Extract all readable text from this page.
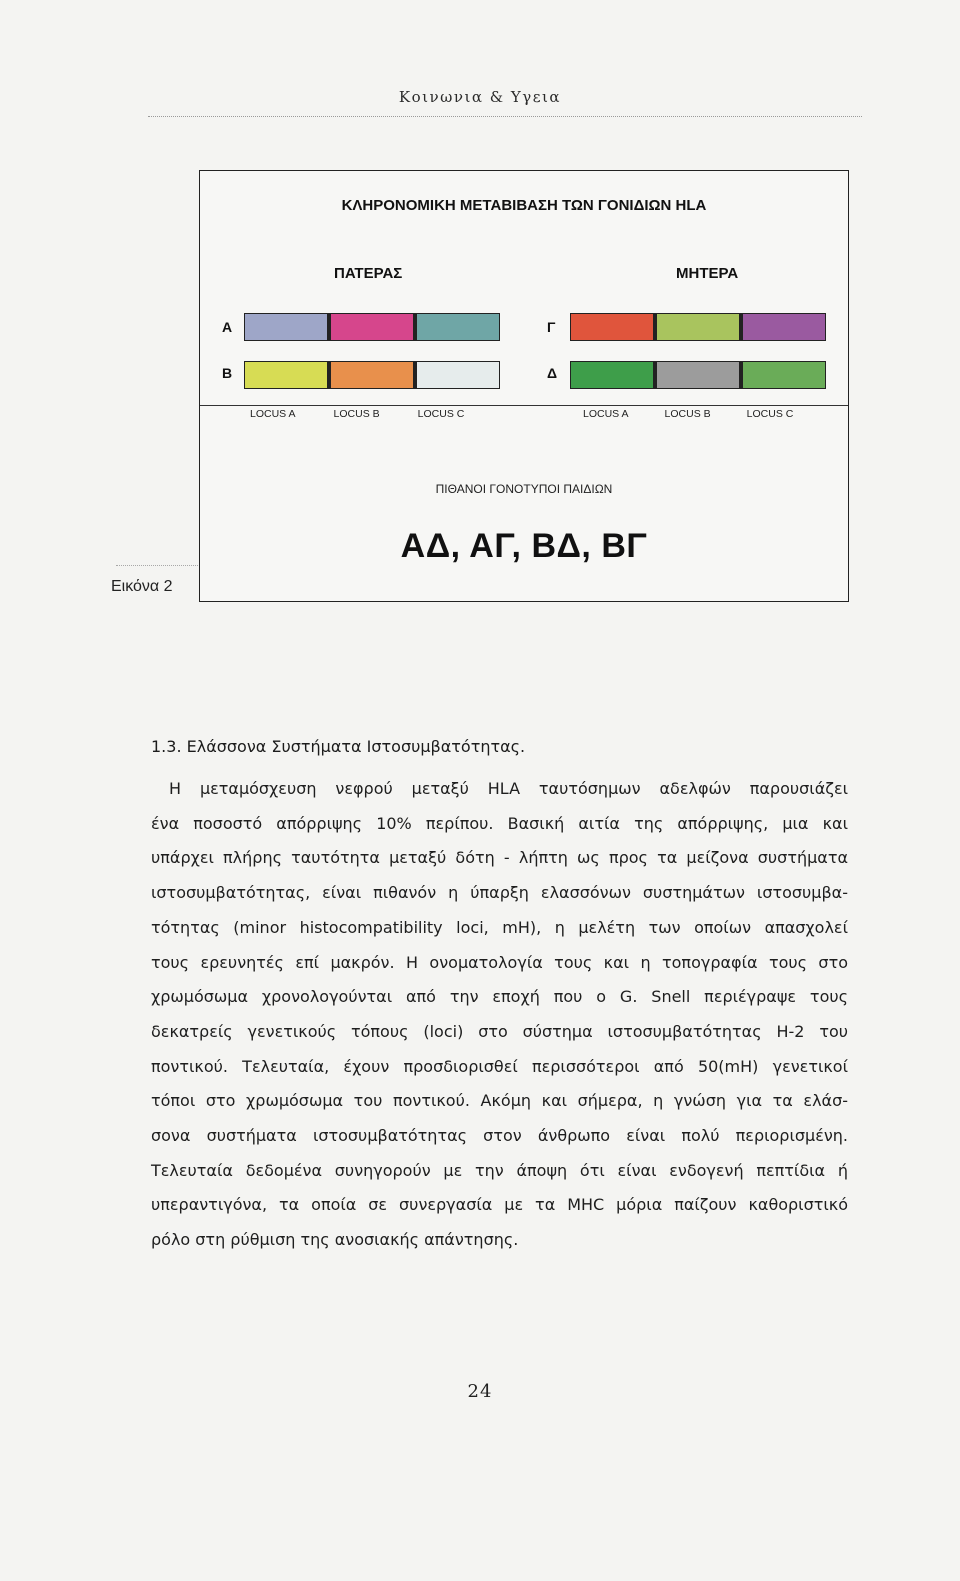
Κοινωνια & Υγεια
ΚΛΗΡΟΝΟΜΙΚΗ ΜΕΤΑΒΙΒΑΣΗ ΤΩΝ ΓΟΝΙΔΙΩΝ HLA
ΠΑΤΕΡΑΣ	ΜΗΤΕΡΑ
A
B
Γ
Δ
LOCUS A	LOCUS B	LOCUS C	LOCUS A	LOCUS B	LOCUS C
ΠΙΘΑΝΟΙ ΓΟΝΟΤΥΠΟΙ ΠΑΙΔΙΩΝ
ΑΔ, ΑΓ, ΒΔ, ΒΓ
Εικόνα 2
1.3. Ελάσσονα Συστήματα Ιστοσυμβατότητας.
Η μεταμόσχευση νεφρού μεταξύ HLA ταυτόσημων αδελφών παρουσιάζει
ένα ποσοστό απόρριψης 10% περίπου. Βασική αιτία της απόρριψης, μια και
υπάρχει πλήρης ταυτότητα μεταξύ δότη - λήπτη ως προς τα μείζονα συστήματα
ιστοσυμβατότητας, είναι πιθανόν η ύπαρξη ελασσόνων συστημάτων ιστοσυμβα-
τότητας (minor histocompatibility loci, mH), η μελέτη των οποίων απασχολεί
τους ερευνητές επί μακρόν. Η ονοματολογία τους και η τοπογραφία τους στο
χρωμόσωμα χρονολογούνται από την εποχή που ο G. Snell περιέγραψε τους
δεκατρείς γενετικούς τόπους (loci) στο σύστημα ιστοσυμβατότητας H-2 του
ποντικού. Τελευταία, έχουν προσδιορισθεί περισσότεροι από 50(mH) γενετικοί
τόποι στο χρωμόσωμα του ποντικού. Ακόμη και σήμερα, η γνώση για τα ελάσ-
σονα συστήματα ιστοσυμβατότητας στον άνθρωπο είναι πολύ περιορισμένη.
Τελευταία δεδομένα συνηγορούν με την άποψη ότι είναι ενδογενή πεπτίδια ή
υπεραντιγόνα, τα οποία σε συνεργασία με τα MHC μόρια παίζουν καθοριστικό
ρόλο στη ρύθμιση της ανοσιακής απάντησης.
24
